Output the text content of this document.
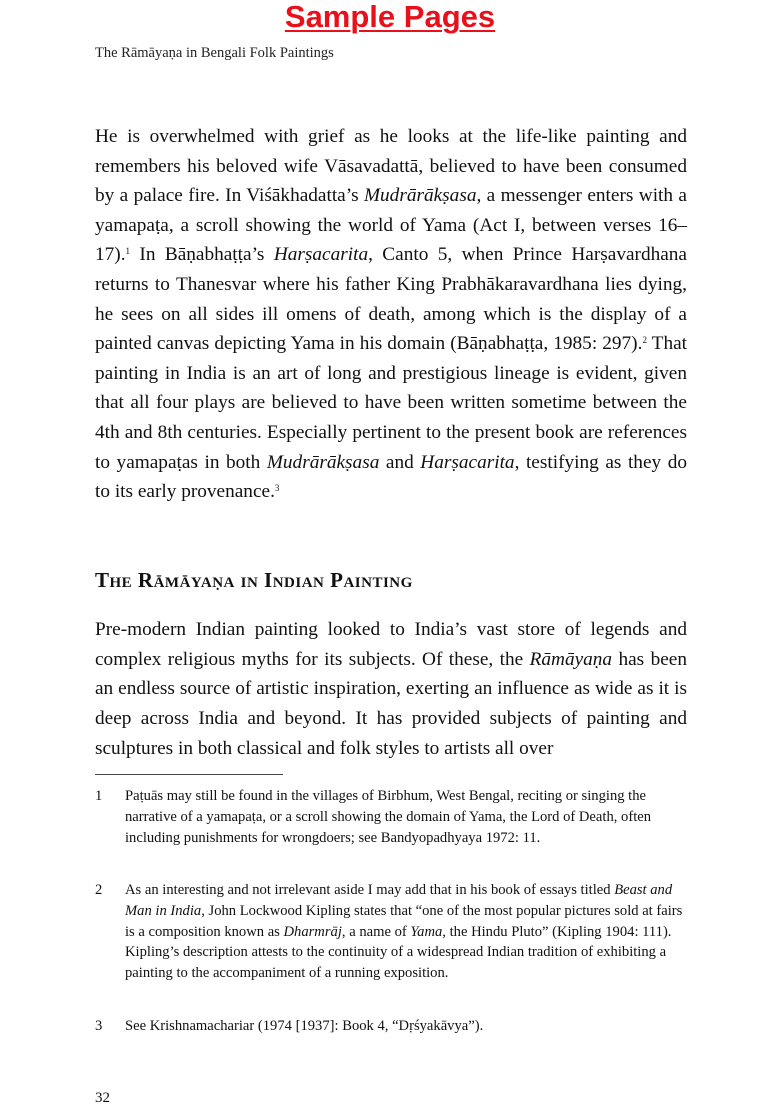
Sample Pages
The Rāmāyaṇa in Bengali Folk Paintings

He is overwhelmed with grief as he looks at the life-like painting and remembers his beloved wife Vāsavadattā, believed to have been consumed by a palace fire. In Viśākhadatta’s Mudrārākṣasa, a messenger enters with a yamapaṭa, a scroll showing the world of Yama (Act I, between verses 16–17).$^1$ In Bāṇabhaṭṭa’s Harṣacarita, Canto 5, when Prince Harṣavardhana returns to Thanesvar where his father King Prabhākaravardhana lies dying, he sees on all sides ill omens of death, among which is the display of a painted canvas depicting Yama in his domain (Bāṇabhaṭṭa, 1985: 297).$^2$ That painting in India is an art of long and prestigious lineage is evident, given that all four plays are believed to have been written sometime between the 4th and 8th centuries. Especially pertinent to the present book are references to yamapaṭas in both Mudrārākṣasa and Harṣacarita, testifying as they do to its early provenance.$^3$

The Rāmāyaṇa in Indian Painting

Pre-modern Indian painting looked to India’s vast store of legends and complex religious myths for its subjects. Of these, the Rāmāyaṇa has been an endless source of artistic inspiration, exerting an influence as wide as it is deep across India and beyond. It has provided subjects of painting and sculptures in both classical and folk styles to artists all over

1	Paṭuās may still be found in the villages of Birbhum, West Bengal, reciting or singing the narrative of a yamapaṭa, or a scroll showing the domain of Yama, the Lord of Death, often including punishments for wrongdoers; see Bandyopadhyaya 1972: 11.
2	As an interesting and not irrelevant aside I may add that in his book of essays titled Beast and Man in India, John Lockwood Kipling states that “one of the most popular pictures sold at fairs is a composition known as Dharmrāj, a name of Yama, the Hindu Pluto” (Kipling 1904: 111). Kipling’s description attests to the continuity of a widespread Indian tradition of exhibiting a painting to the accompaniment of a running exposition.
3	See Krishnamachariar (1974 [1937]: Book 4, “Dṛśyakāvya”).
32
